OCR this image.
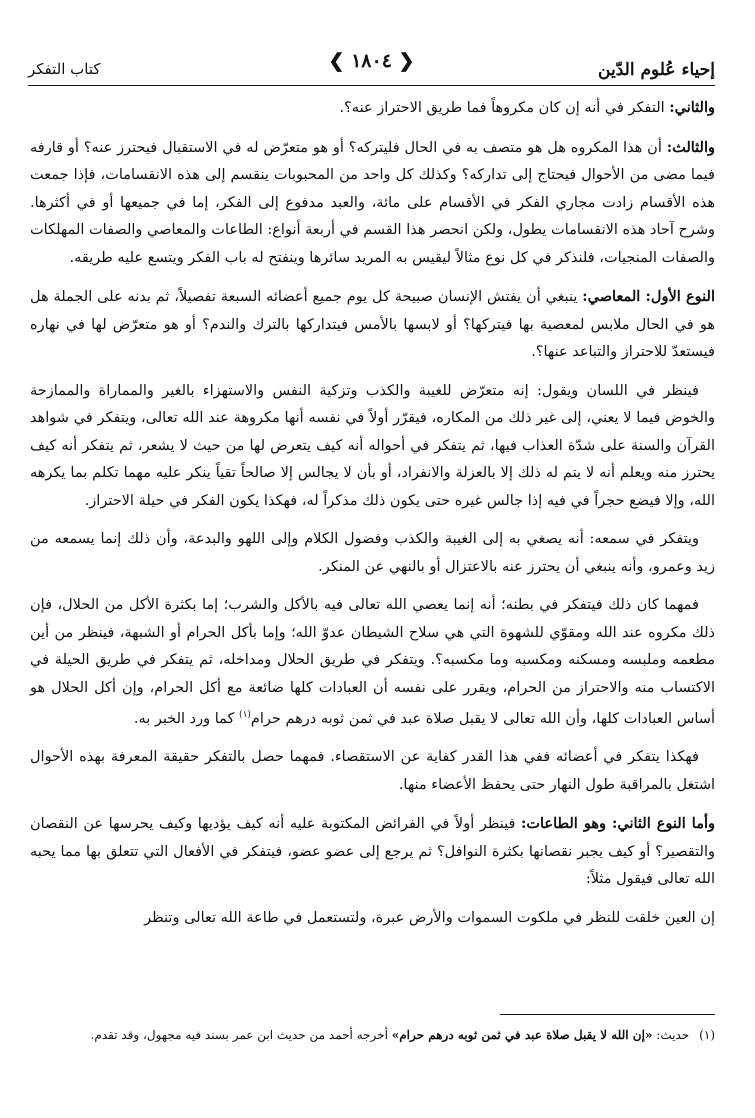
إحياء عُلوم الدّين
❮ ١٨٠٤ ❯
كتاب التفكر

والثاني: التفكر في أنه إن كان مكروهاً فما طريق الاحتراز عنه؟.

والثالث: أن هذا المكروه هل هو متصف به في الحال فليتركه؟ أو هو متعرّض له في الاستقبال فيحترز عنه؟ أو قارفه فيما مضى من الأحوال فيحتاج إلى تداركه؟ وكذلك كل واحد من المحبوبات ينقسم إلى هذه الانقسامات، فإذا جمعت هذه الأقسام زادت مجاري الفكر في الأقسام على مائة، والعبد مدفوع إلى الفكر، إما في جميعها أو في أكثرها. وشرح آحاد هذه الانقسامات يطول، ولكن انحصر هذا القسم في أربعة أنواع: الطاعات والمعاصي والصفات المهلكات والصفات المنجيات، فلنذكر في كل نوع مثالاً ليقيس به المريد سائرها وينفتح له باب الفكر ويتسع عليه طريقه.

النوع الأول: المعاصي: ينبغي أن يفتش الإنسان صبيحة كل يوم جميع أعضائه السبعة تفصيلاً، ثم بدنه على الجملة هل هو في الحال ملابس لمعصية بها فيتركها؟ أو لابسها بالأمس فيتداركها بالترك والندم؟ أو هو متعرّض لها في نهاره فيستعدّ للاحتراز والتباعد عنها؟.

فينظر في اللسان ويقول: إنه متعرّض للغيبة والكذب وتزكية النفس والاستهزاء بالغير والمماراة والممازحة والخوض فيما لا يعني، إلى غير ذلك من المكاره، فيقرّر أولاً في نفسه أنها مكروهة عند الله تعالى، ويتفكر في شواهد القرآن والسنة على شدّة العذاب فيها، ثم يتفكر في أحواله أنه كيف يتعرض لها من حيث لا يشعر، ثم يتفكر أنه كيف يحترز منه ويعلم أنه لا يتم له ذلك إلا بالعزلة والانفراد، أو بأن لا يجالس إلا صالحاً تقياً ينكر عليه مهما تكلم بما يكرهه الله، وإلا فيضع حجراً في فيه إذا جالس غيره حتى يكون ذلك مذكراً له، فهكذا يكون الفكر في حيلة الاحتراز.

ويتفكر في سمعه: أنه يصغي به إلى الغيبة والكذب وفضول الكلام وإلى اللهو والبدعة، وأن ذلك إنما يسمعه من زيد وعمرو، وأنه ينبغي أن يحترز عنه بالاعتزال أو بالنهي عن المنكر.

فمهما كان ذلك فيتفكر في بطنه؛ أنه إنما يعصي الله تعالى فيه بالأكل والشرب؛ إما بكثرة الأكل من الحلال، فإن ذلك مكروه عند الله ومقوّي للشهوة التي هي سلاح الشيطان عدوّ الله؛ وإما بأكل الحرام أو الشبهة، فينظر من أين مطعمه وملبسه ومسكنه ومكسبه وما مكسبه؟. ويتفكر في طريق الحلال ومداخله، ثم يتفكر في طريق الحيلة في الاكتساب منه والاحتراز من الحرام، ويقرر على نفسه أن العبادات كلها ضائعة مع أكل الحرام، وإن أكل الحلال هو أساس العبادات كلها، وأن الله تعالى لا يقبل صلاة عبد في ثمن ثوبه درهم حرام$^{(١)}$ كما ورد الخبر به.

فهكذا يتفكر في أعضائه ففي هذا القدر كفاية عن الاستقصاء. فمهما حصل بالتفكر حقيقة المعرفة بهذه الأحوال اشتغل بالمراقبة طول النهار حتى يحفظ الأعضاء منها.

وأما النوع الثاني: وهو الطاعات: فينظر أولاً في الفرائض المكتوبة عليه أنه كيف يؤديها وكيف يحرسها عن النقصان والتقصير؟ أو كيف يجبر نقصانها بكثرة النوافل؟ ثم يرجع إلى عضو عضو، فيتفكر في الأفعال التي تتعلق بها مما يحبه الله تعالى فيقول مثلاً:

إن العين خلقت للنظر في ملكوت السموات والأرض عبرة، ولتستعمل في طاعة الله تعالى وتنظر

(١)حديث: «إن الله لا يقبل صلاة عبد في ثمن ثوبه درهم حرام» أخرجه أحمد من حديث ابن عمر بسند فيه مجهول، وقد تقدم.
